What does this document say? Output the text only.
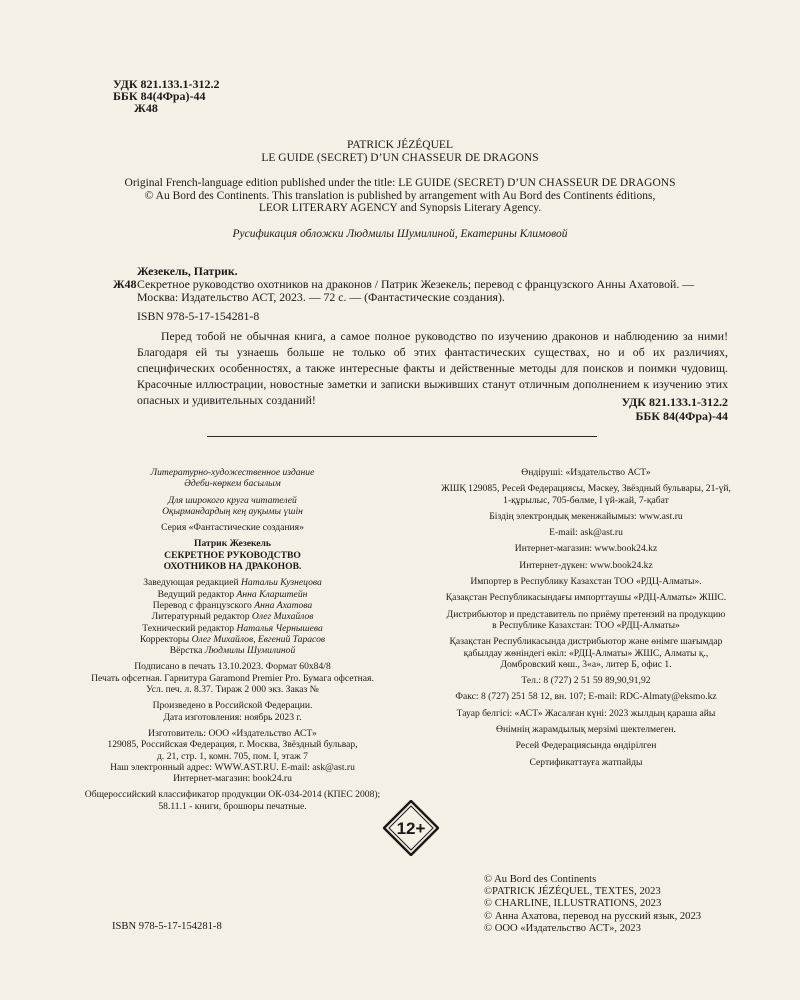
УДК 821.133.1-312.2
ББК 84(4Фра)-44
Ж48
PATRICK JÉZÉQUEL
LE GUIDE (SECRET) D’UN CHASSEUR DE DRAGONS
Original French-language edition published under the title: LE GUIDE (SECRET) D’UN CHASSEUR DE DRAGONS
© Au Bord des Continents. This translation is published by arrangement with Au Bord des Continents éditions,
LEOR LITERARY AGENCY and Synopsis Literary Agency.
Русификация обложки Людмилы Шумилиной, Екатерины Климовой
Жезекель, Патрик.
Ж48 Секретное руководство охотников на драконов / Патрик Жезекель; перевод с французского Анны Ахатовой. —
Москва: Издательство АСТ, 2023. — 72 с. — (Фантастические создания).
ISBN 978-5-17-154281-8

Перед тобой не обычная книга, а самое полное руководство по изучению драконов и наблюдению за ними! Благодаря ей ты узнаешь больше не только об этих фантастических существах, но и об их различиях, специфических особенностях, а также интересные факты и действенные методы для поисков и поимки чудовищ. Красочные иллюстрации, новостные заметки и записки выживших станут отличным дополнением к изучению этих опасных и удивительных созданий!	УДК 821.133.1-312.2
ББК 84(4Фра)-44
Литературно-художественное издание
Әдеби-көркем басылым
Для широкого круга читателей
Оқырмандардың кең ауқымы үшін
Серия «Фантастические создания»
Патрик Жезекель
СЕКРЕТНОЕ РУКОВОДСТВО
ОХОТНИКОВ НА ДРАКОНОВ.
Заведующая редакцией Натальи Кузнецова
Ведущий редактор Анна Кларштейн
Перевод с французского Анна Ахатова
Литературный редактор Олег Михайлов
Технический редактор Наталья Чернышева
Корректоры Олег Михайлов, Евгений Тарасов
Вёрстка Людмилы Шумилиной
Подписано в печать 13.10.2023. Формат 60x84/8
Печать офсетная. Гарнитура Garamond Premier Pro. Бумага офсетная.
Усл. печ. л. 8.37. Тираж 2 000 экз. Заказ №
Произведено в Российской Федерации.
Дата изготовления: ноябрь 2023 г.
Изготовитель: ООО «Издательство АСТ»
129085, Российская Федерация, г. Москва, Звёздный бульвар,
д. 21, стр. 1, комн. 705, пом. I, этаж 7
Наш электронный адрес: WWW.AST.RU. E-mail: ask@ast.ru
Интернет-магазин: book24.ru
Общероссийский классификатор продукции ОК-034-2014 (КПЕС 2008);
58.11.1 - книги, брошюры печатные.
Өндіруші: «Издательство АСТ»
ЖШҚ 129085, Ресей Федерациясы, Мәскеу, Звёздный бульвары, 21-үй,
1-құрылыс, 705-бөлме, I үй-жай, 7-қабат
Біздің электрондық мекенжайымыз: www.ast.ru
E-mail: ask@ast.ru
Интернет-магазин: www.book24.kz
Интернет-дүкен: www.book24.kz
Импортер в Республику Казахстан ТОО «РДЦ-Алматы».
Қазақстан Республикасындағы импорттаушы «РДЦ-Алматы» ЖШС.
Дистрибьютор и представитель по приёму претензий на продукцию
в Республике Казахстан: ТОО «РДЦ-Алматы»
Қазақстан Республикасында дистрибьютор және өнімге шағымдар
қабылдау жөніндегі өкіл: «РДЦ-Алматы» ЖШС, Алматы қ.,
Домбровский көш., 3«а», литер Б, офис 1.
Тел.: 8 (727) 2 51 59 89,90,91,92
Факс: 8 (727) 251 58 12, вн. 107; E-mail: RDC-Almaty@eksmo.kz
Тауар белгісі: «АСТ» Жасалған күні: 2023 жылдың қараша айы
Өнімнің жарамдылық мерзімі шектелмеген.
Ресей Федерациясында өндірілген
Сертификаттауға жатпайды
12+
© Au Bord des Continents
©PATRICK JÉZÉQUEL, TEXTES, 2023
© CHARLINE, ILLUSTRATIONS, 2023
© Анна Ахатова, перевод на русский язык, 2023
© ООО «Издательство АСТ», 2023
ISBN 978-5-17-154281-8
